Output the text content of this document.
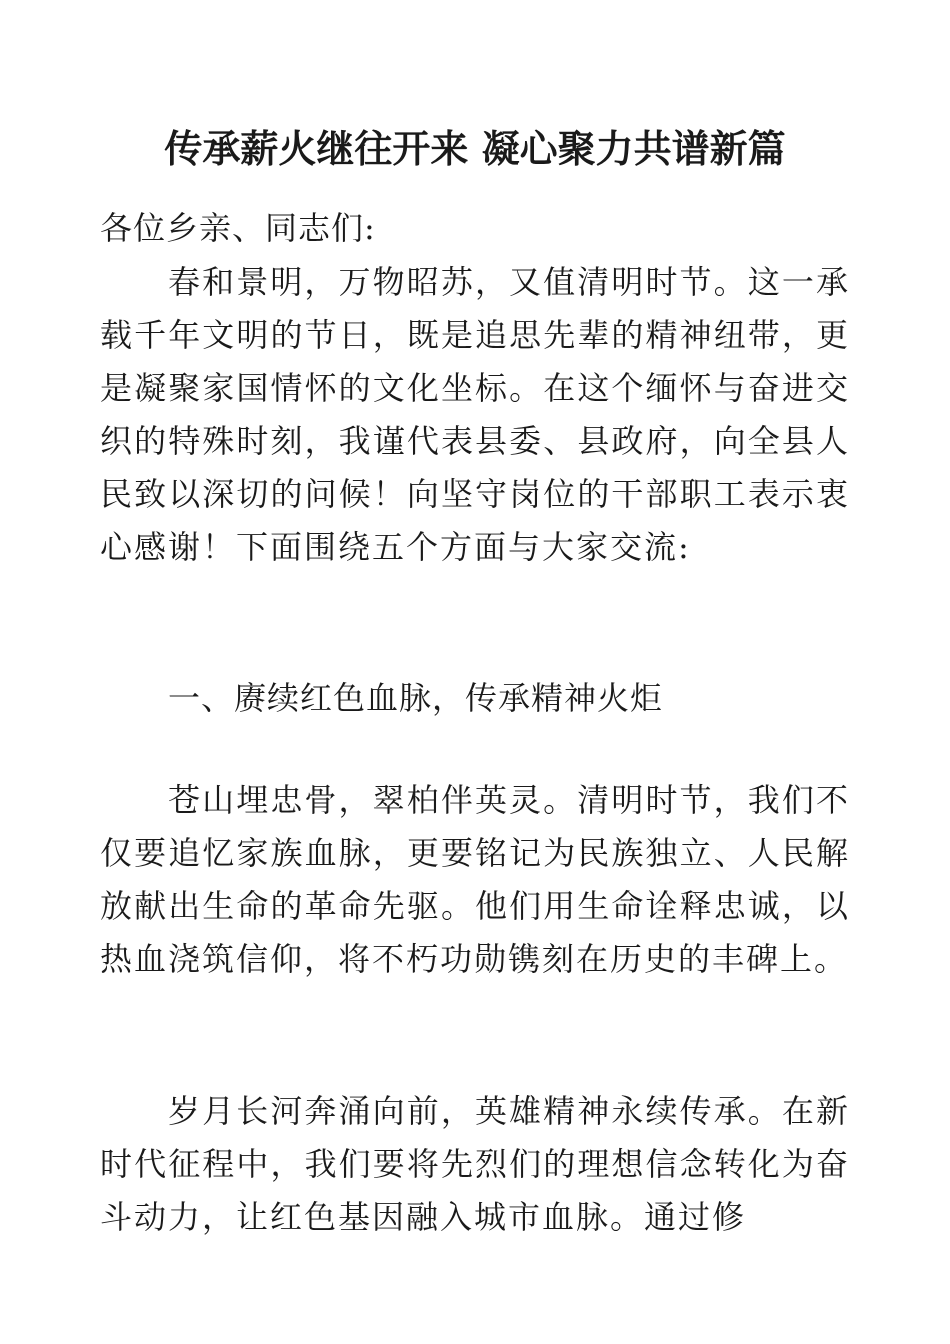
传承薪火继往开来 凝心聚力共谱新篇
各位乡亲、同志们:
春和景明，万物昭苏，又值清明时节。这一承载千年文明的节日，既是追思先辈的精神纽带，更是凝聚家国情怀的文化坐标。在这个缅怀与奋进交织的特殊时刻，我谨代表县委、县政府，向全县人民致以深切的问候！向坚守岗位的干部职工表示衷心感谢！下面围绕五个方面与大家交流:
一、赓续红色血脉，传承精神火炬
苍山埋忠骨，翠柏伴英灵。清明时节，我们不仅要追忆家族血脉，更要铭记为民族独立、人民解放献出生命的革命先驱。他们用生命诠释忠诚，以热血浇筑信仰，将不朽功勋镌刻在历史的丰碑上。
岁月长河奔涌向前，英雄精神永续传承。在新时代征程中，我们要将先烈们的理想信念转化为奋斗动力，让红色基因融入城市血脉。通过修
